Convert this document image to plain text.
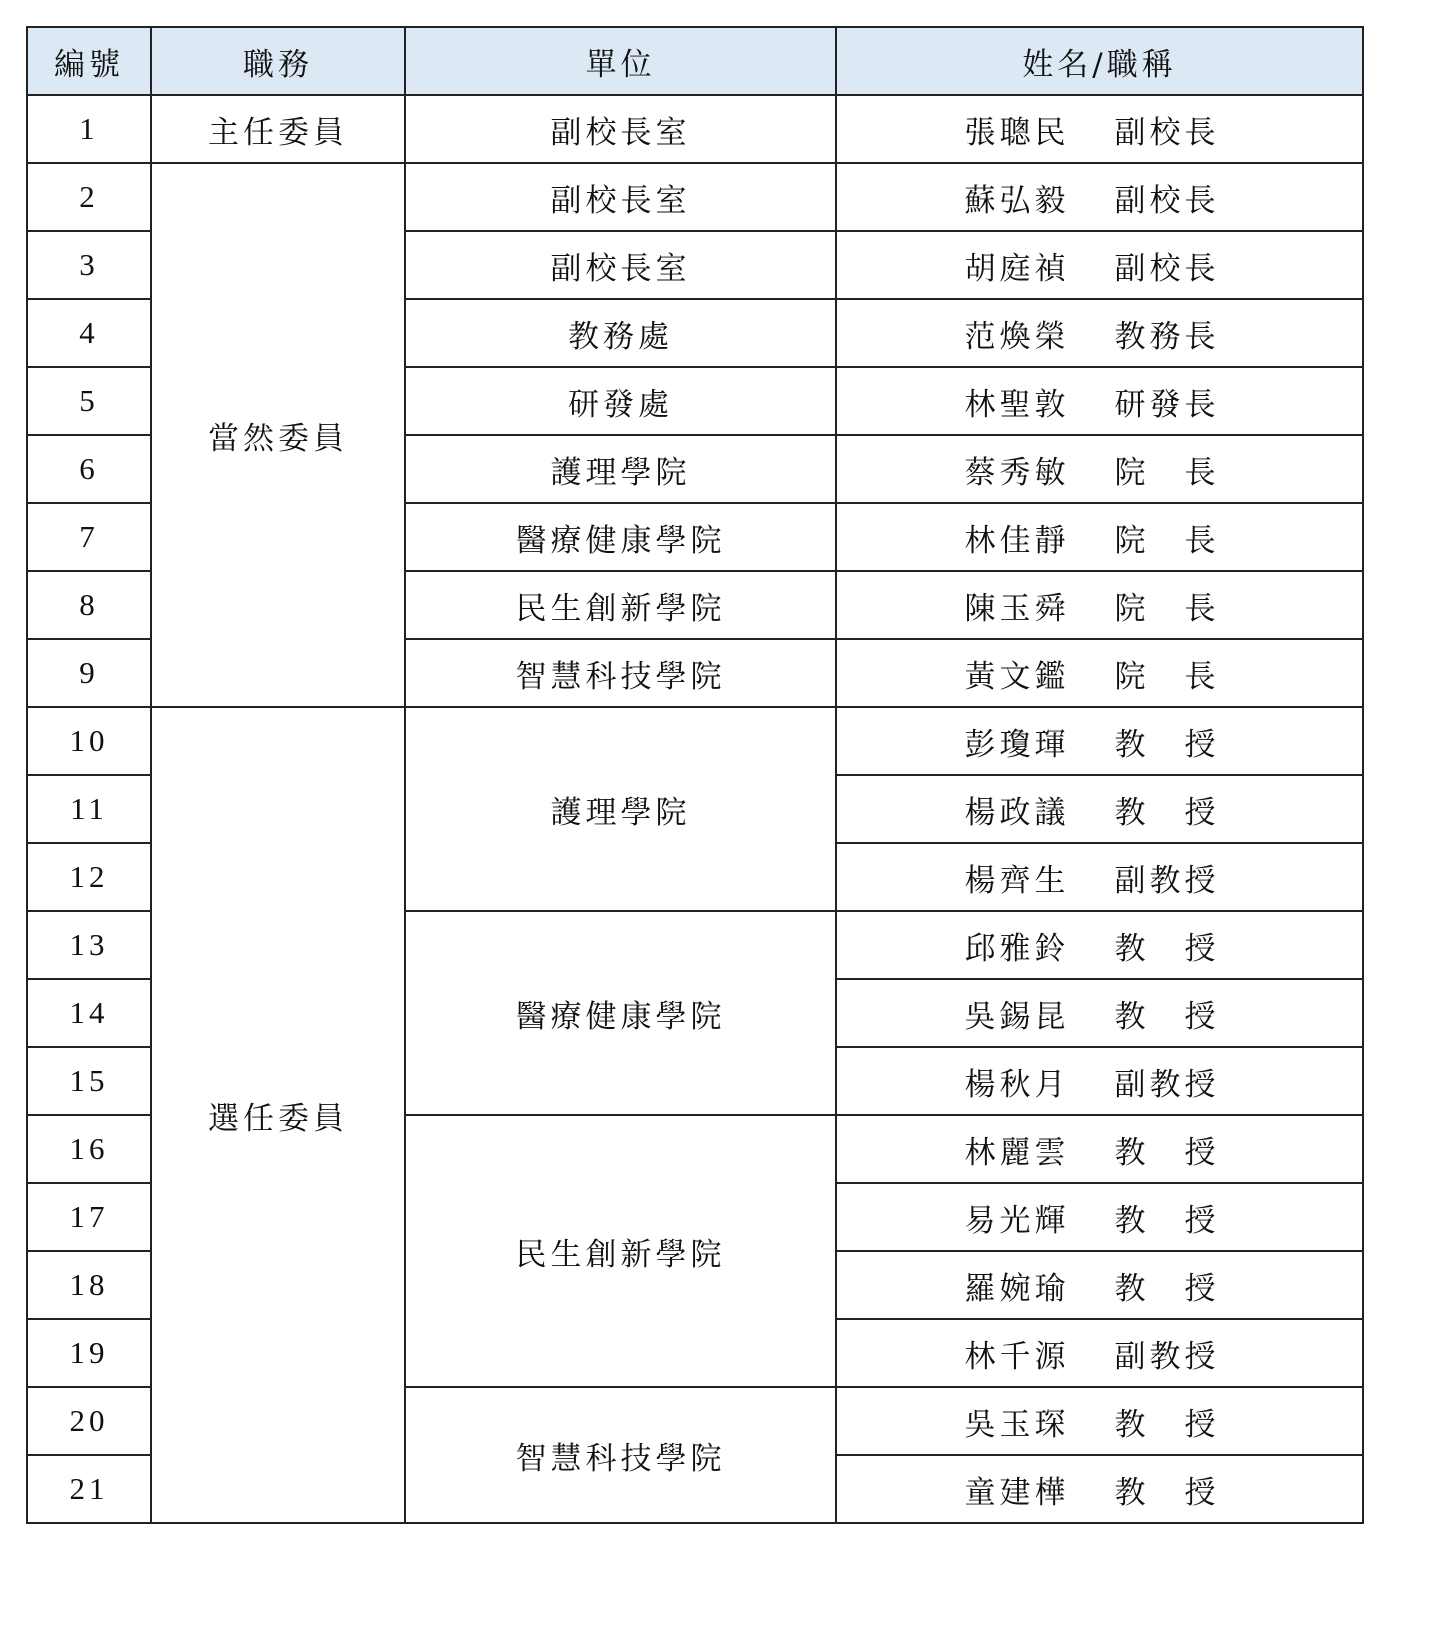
編號	職務	單位	姓名/職稱
1	主任委員	副校長室	張聰民 副校長
2	當然委員	副校長室	蘇弘毅 副校長
3		副校長室	胡庭禎 副校長
4		教務處	范煥榮 教務長
5		研發處	林聖敦 研發長
6		護理學院	蔡秀敏 院　長
7		醫療健康學院	林佳靜 院　長
8		民生創新學院	陳玉舜 院　長
9		智慧科技學院	黃文鑑 院　長
10	選任委員	護理學院	彭瓊琿 教　授
11			楊政議 教　授
12			楊齊生 副教授
13		醫療健康學院	邱雅鈴 教　授
14			吳錫昆 教　授
15			楊秋月 副教授
16		民生創新學院	林麗雲 教　授
17			易光輝 教　授
18			羅婉瑜 教　授
19			林千源 副教授
20		智慧科技學院	吳玉琛 教　授
21			童建樺 教　授
